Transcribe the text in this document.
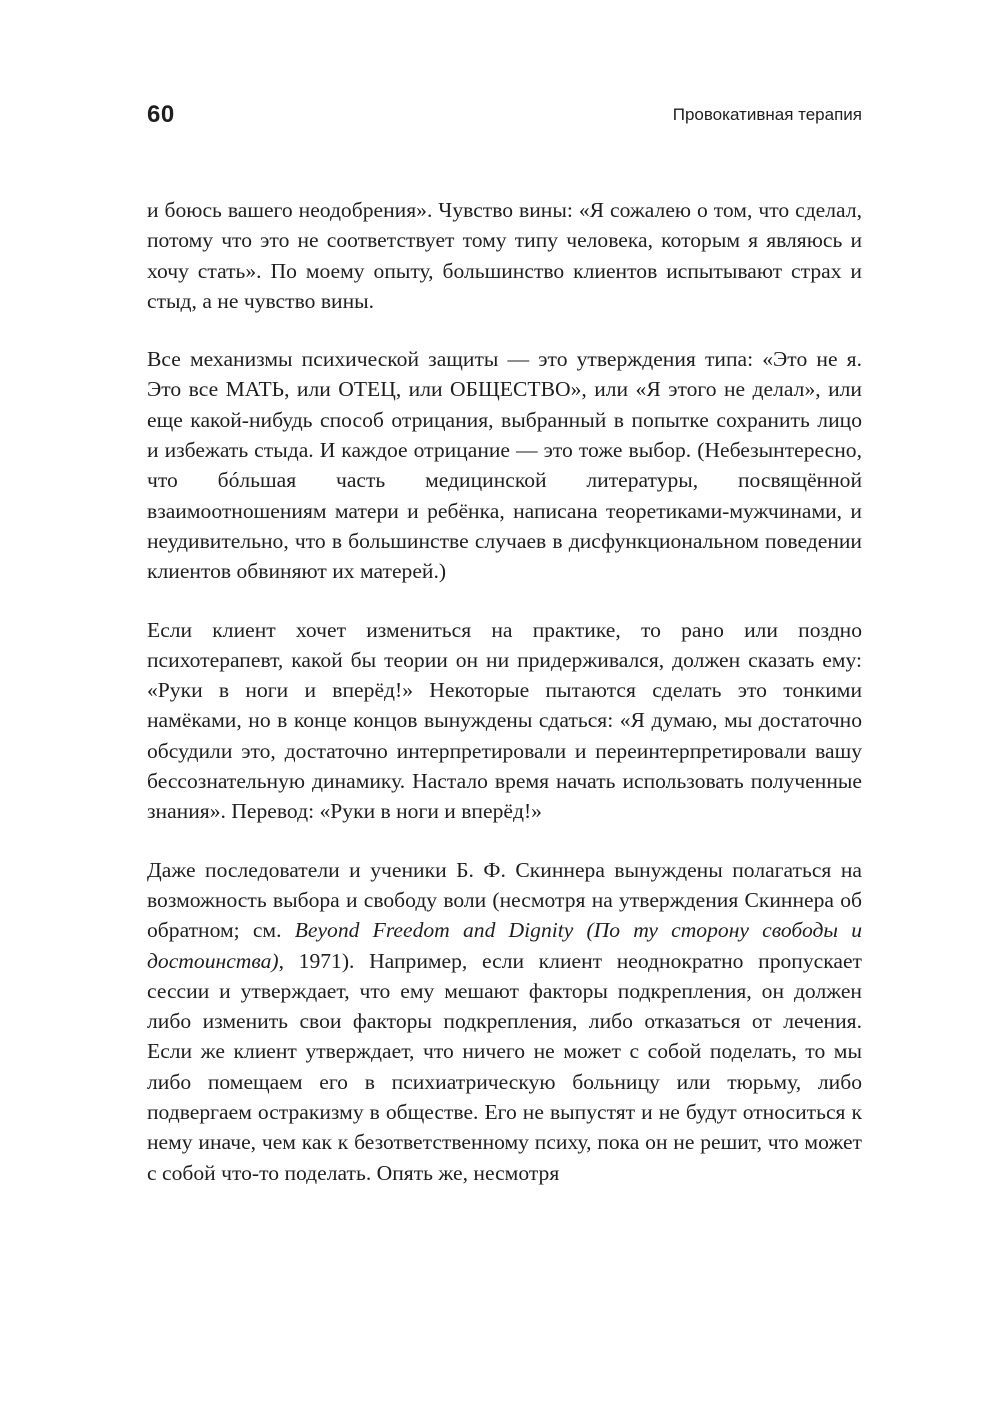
60	Провокативная терапия

и боюсь вашего неодобрения». Чувство вины: «Я сожалею о том, что сделал, потому что это не соответствует тому типу человека, которым я являюсь и хочу стать». По моему опыту, большинство клиентов испытывают страх и стыд, а не чувство вины.

Все механизмы психической защиты — это утверждения типа: «Это не я. Это все МАТЬ, или ОТЕЦ, или ОБЩЕСТВО», или «Я этого не делал», или еще какой-нибудь способ отрицания, выбранный в попытке сохранить лицо и избежать стыда. И каждое отрицание — это тоже выбор. (Небезынтересно, что бóльшая часть медицинской литературы, посвящённой взаимоотношениям матери и ребёнка, написана теоретиками-мужчинами, и неудивительно, что в большинстве случаев в дисфункциональном поведении клиентов обвиняют их матерей.)

Если клиент хочет измениться на практике, то рано или поздно психотерапевт, какой бы теории он ни придерживался, должен сказать ему: «Руки в ноги и вперёд!» Некоторые пытаются сделать это тонкими намёками, но в конце концов вынуждены сдаться: «Я думаю, мы достаточно обсудили это, достаточно интерпретировали и переинтерпретировали вашу бессознательную динамику. Настало время начать использовать полученные знания». Перевод: «Руки в ноги и вперёд!»

Даже последователи и ученики Б. Ф. Скиннера вынуждены полагаться на возможность выбора и свободу воли (несмотря на утверждения Скиннера об обратном; см. Beyond Freedom and Dignity (По ту сторону свободы и достоинства), 1971). Например, если клиент неоднократно пропускает сессии и утверждает, что ему мешают факторы подкрепления, он должен либо изменить свои факторы подкрепления, либо отказаться от лечения. Если же клиент утверждает, что ничего не может с собой поделать, то мы либо помещаем его в психиатрическую больницу или тюрьму, либо подвергаем остракизму в обществе. Его не выпустят и не будут относиться к нему иначе, чем как к безответственному психу, пока он не решит, что может с собой что-то поделать. Опять же, несмотря
